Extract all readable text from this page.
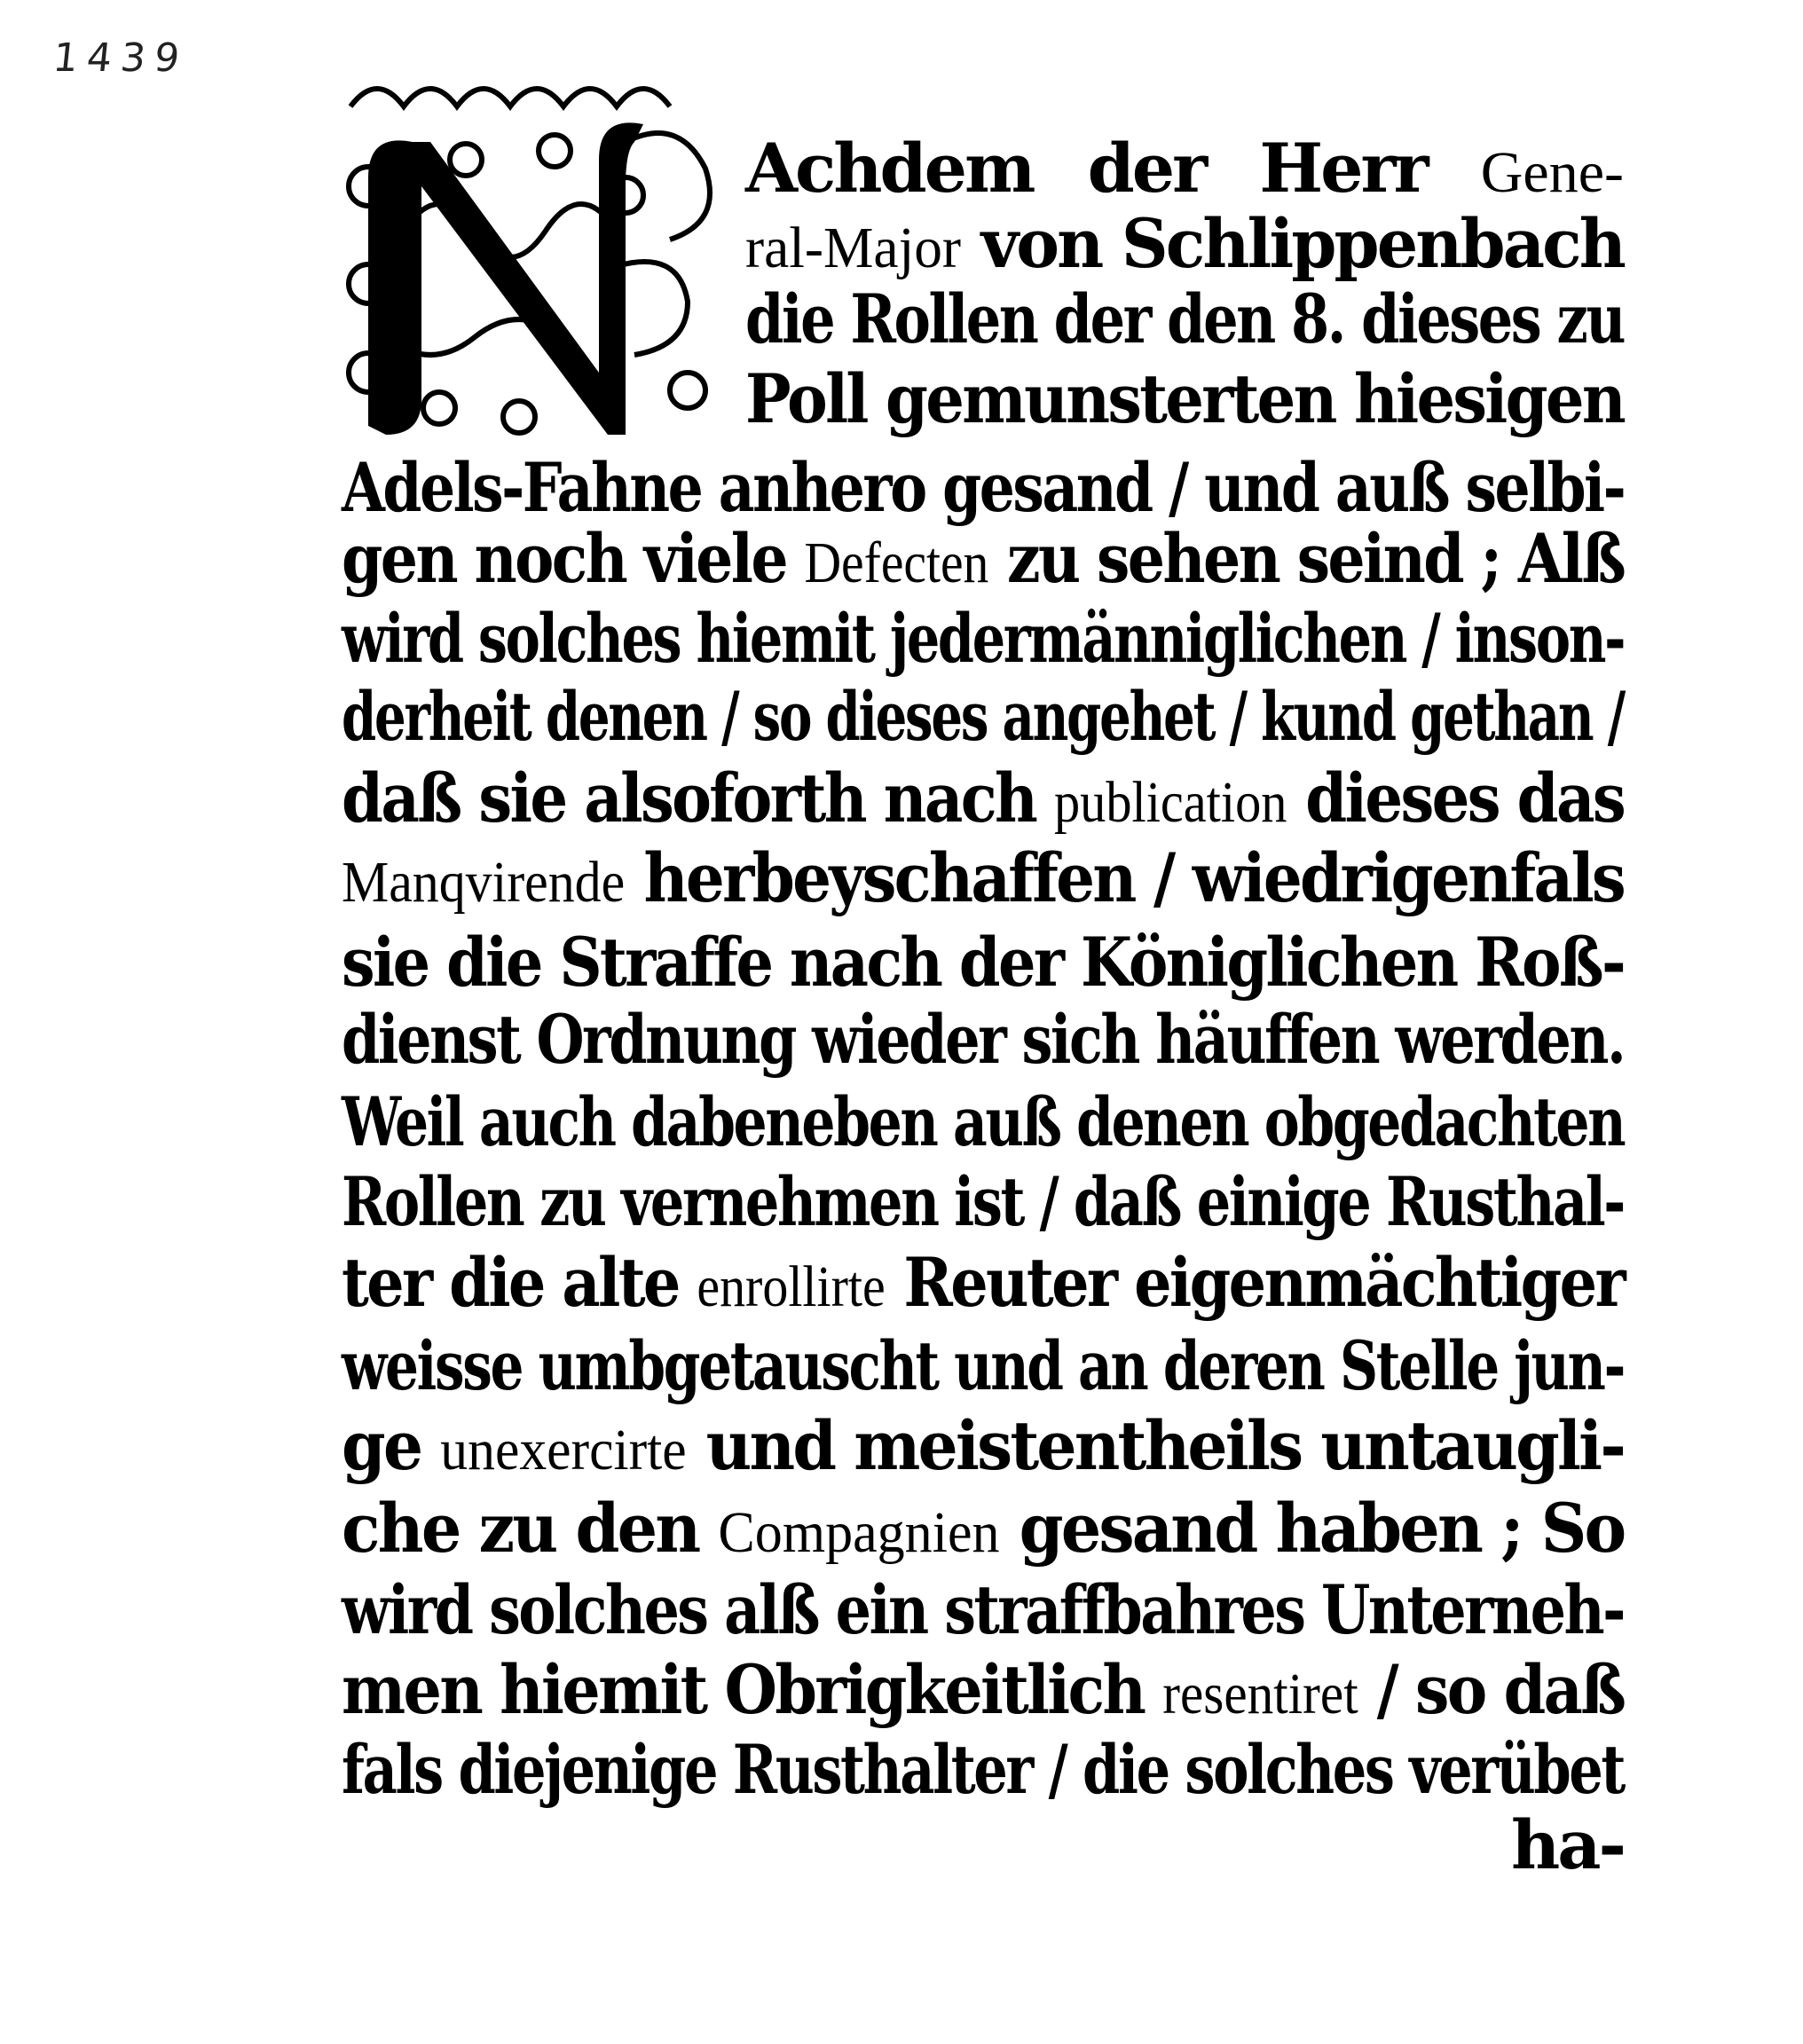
1439
Achdem der Herr Gene-
ral-Major von Schlippenbach
die Rollen der den 8. dieses zu
Poll gemunsterten hiesigen
Adels-Fahne anhero gesand / und auß selbi-
gen noch viele Defecten zu sehen seind ; Alß
wird solches hiemit jedermänniglichen / inson-
derheit denen / so dieses angehet / kund gethan /
daß sie alsoforth nach publication dieses das
Manqvirende herbeyschaffen / wiedrigenfals
sie die Straffe nach der Königlichen Roß-
dienst Ordnung wieder sich häuffen werden.
Weil auch dabeneben auß denen obgedachten
Rollen zu vernehmen ist / daß einige Rusthal-
ter die alte enrollirte Reuter eigenmächtiger
weisse umbgetauscht und an deren Stelle jun-
ge unexercirte und meistentheils untaugli-
che zu den Compagnien gesand haben ; So
wird solches alß ein straffbahres Unterneh-
men hiemit Obrigkeitlich resentiret / so daß
fals diejenige Rusthalter / die solches verübet
ha-
